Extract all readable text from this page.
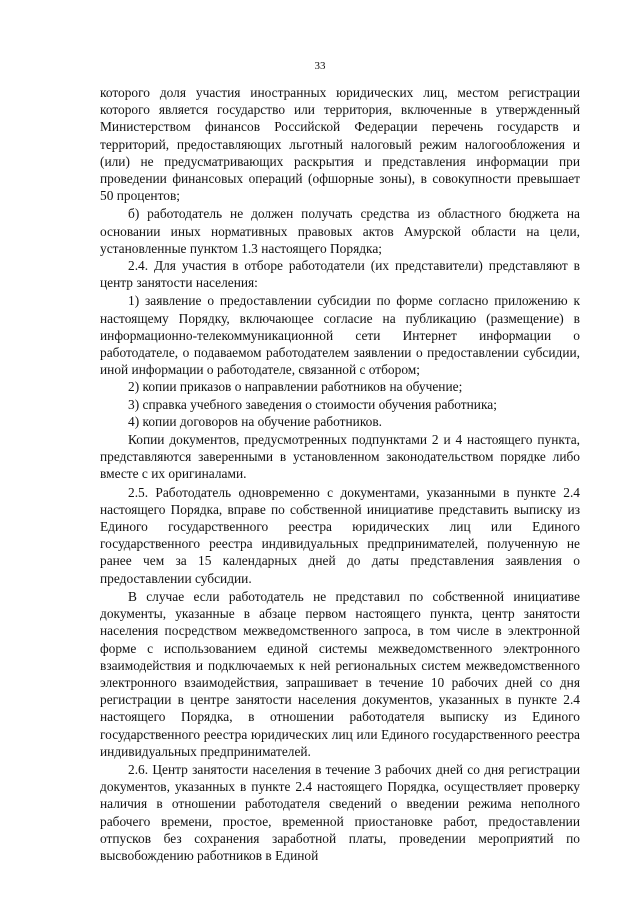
33

которого доля участия иностранных юридических лиц, местом регистрации которого является государство или территория, включенные в утвержденный Министерством финансов Российской Федерации перечень государств и территорий, предоставляющих льготный налоговый режим налогообложения и (или) не предусматривающих раскрытия и представления информации при проведении финансовых операций (офшорные зоны), в совокупности превышает 50 процентов;

б) работодатель не должен получать средства из областного бюджета на основании иных нормативных правовых актов Амурской области на цели, установленные пунктом 1.3 настоящего Порядка;

2.4. Для участия в отборе работодатели (их представители) представляют в центр занятости населения:

1) заявление о предоставлении субсидии по форме согласно приложению к настоящему Порядку, включающее согласие на публикацию (размещение) в информационно-телекоммуникационной сети Интернет информации о работодателе, о подаваемом работодателем заявлении о предоставлении субсидии, иной информации о работодателе, связанной с отбором;

2) копии приказов о направлении работников на обучение;

3) справка учебного заведения о стоимости обучения работника;

4) копии договоров на обучение работников.

Копии документов, предусмотренных подпунктами 2 и 4 настоящего пункта, представляются заверенными в установленном законодательством порядке либо вместе с их оригиналами.

2.5. Работодатель одновременно с документами, указанными в пункте 2.4 настоящего Порядка, вправе по собственной инициативе представить выписку из Единого государственного реестра юридических лиц или Единого государственного реестра индивидуальных предпринимателей, полученную не ранее чем за 15 календарных дней до даты представления заявления о предоставлении субсидии.

В случае если работодатель не представил по собственной инициативе документы, указанные в абзаце первом настоящего пункта, центр занятости населения посредством межведомственного запроса, в том числе в электронной форме с использованием единой системы межведомственного электронного взаимодействия и подключаемых к ней региональных систем межведомственного электронного взаимодействия, запрашивает в течение 10 рабочих дней со дня регистрации в центре занятости населения документов, указанных в пункте 2.4 настоящего Порядка, в отношении работодателя выписку из Единого государственного реестра юридических лиц или Единого государственного реестра индивидуальных предпринимателей.

2.6. Центр занятости населения в течение 3 рабочих дней со дня регистрации документов, указанных в пункте 2.4 настоящего Порядка, осуществляет проверку наличия в отношении работодателя сведений о введении режима неполного рабочего времени, простое, временной приостановке работ, предоставлении отпусков без сохранения заработной платы, проведении мероприятий по высвобождению работников в Единой
